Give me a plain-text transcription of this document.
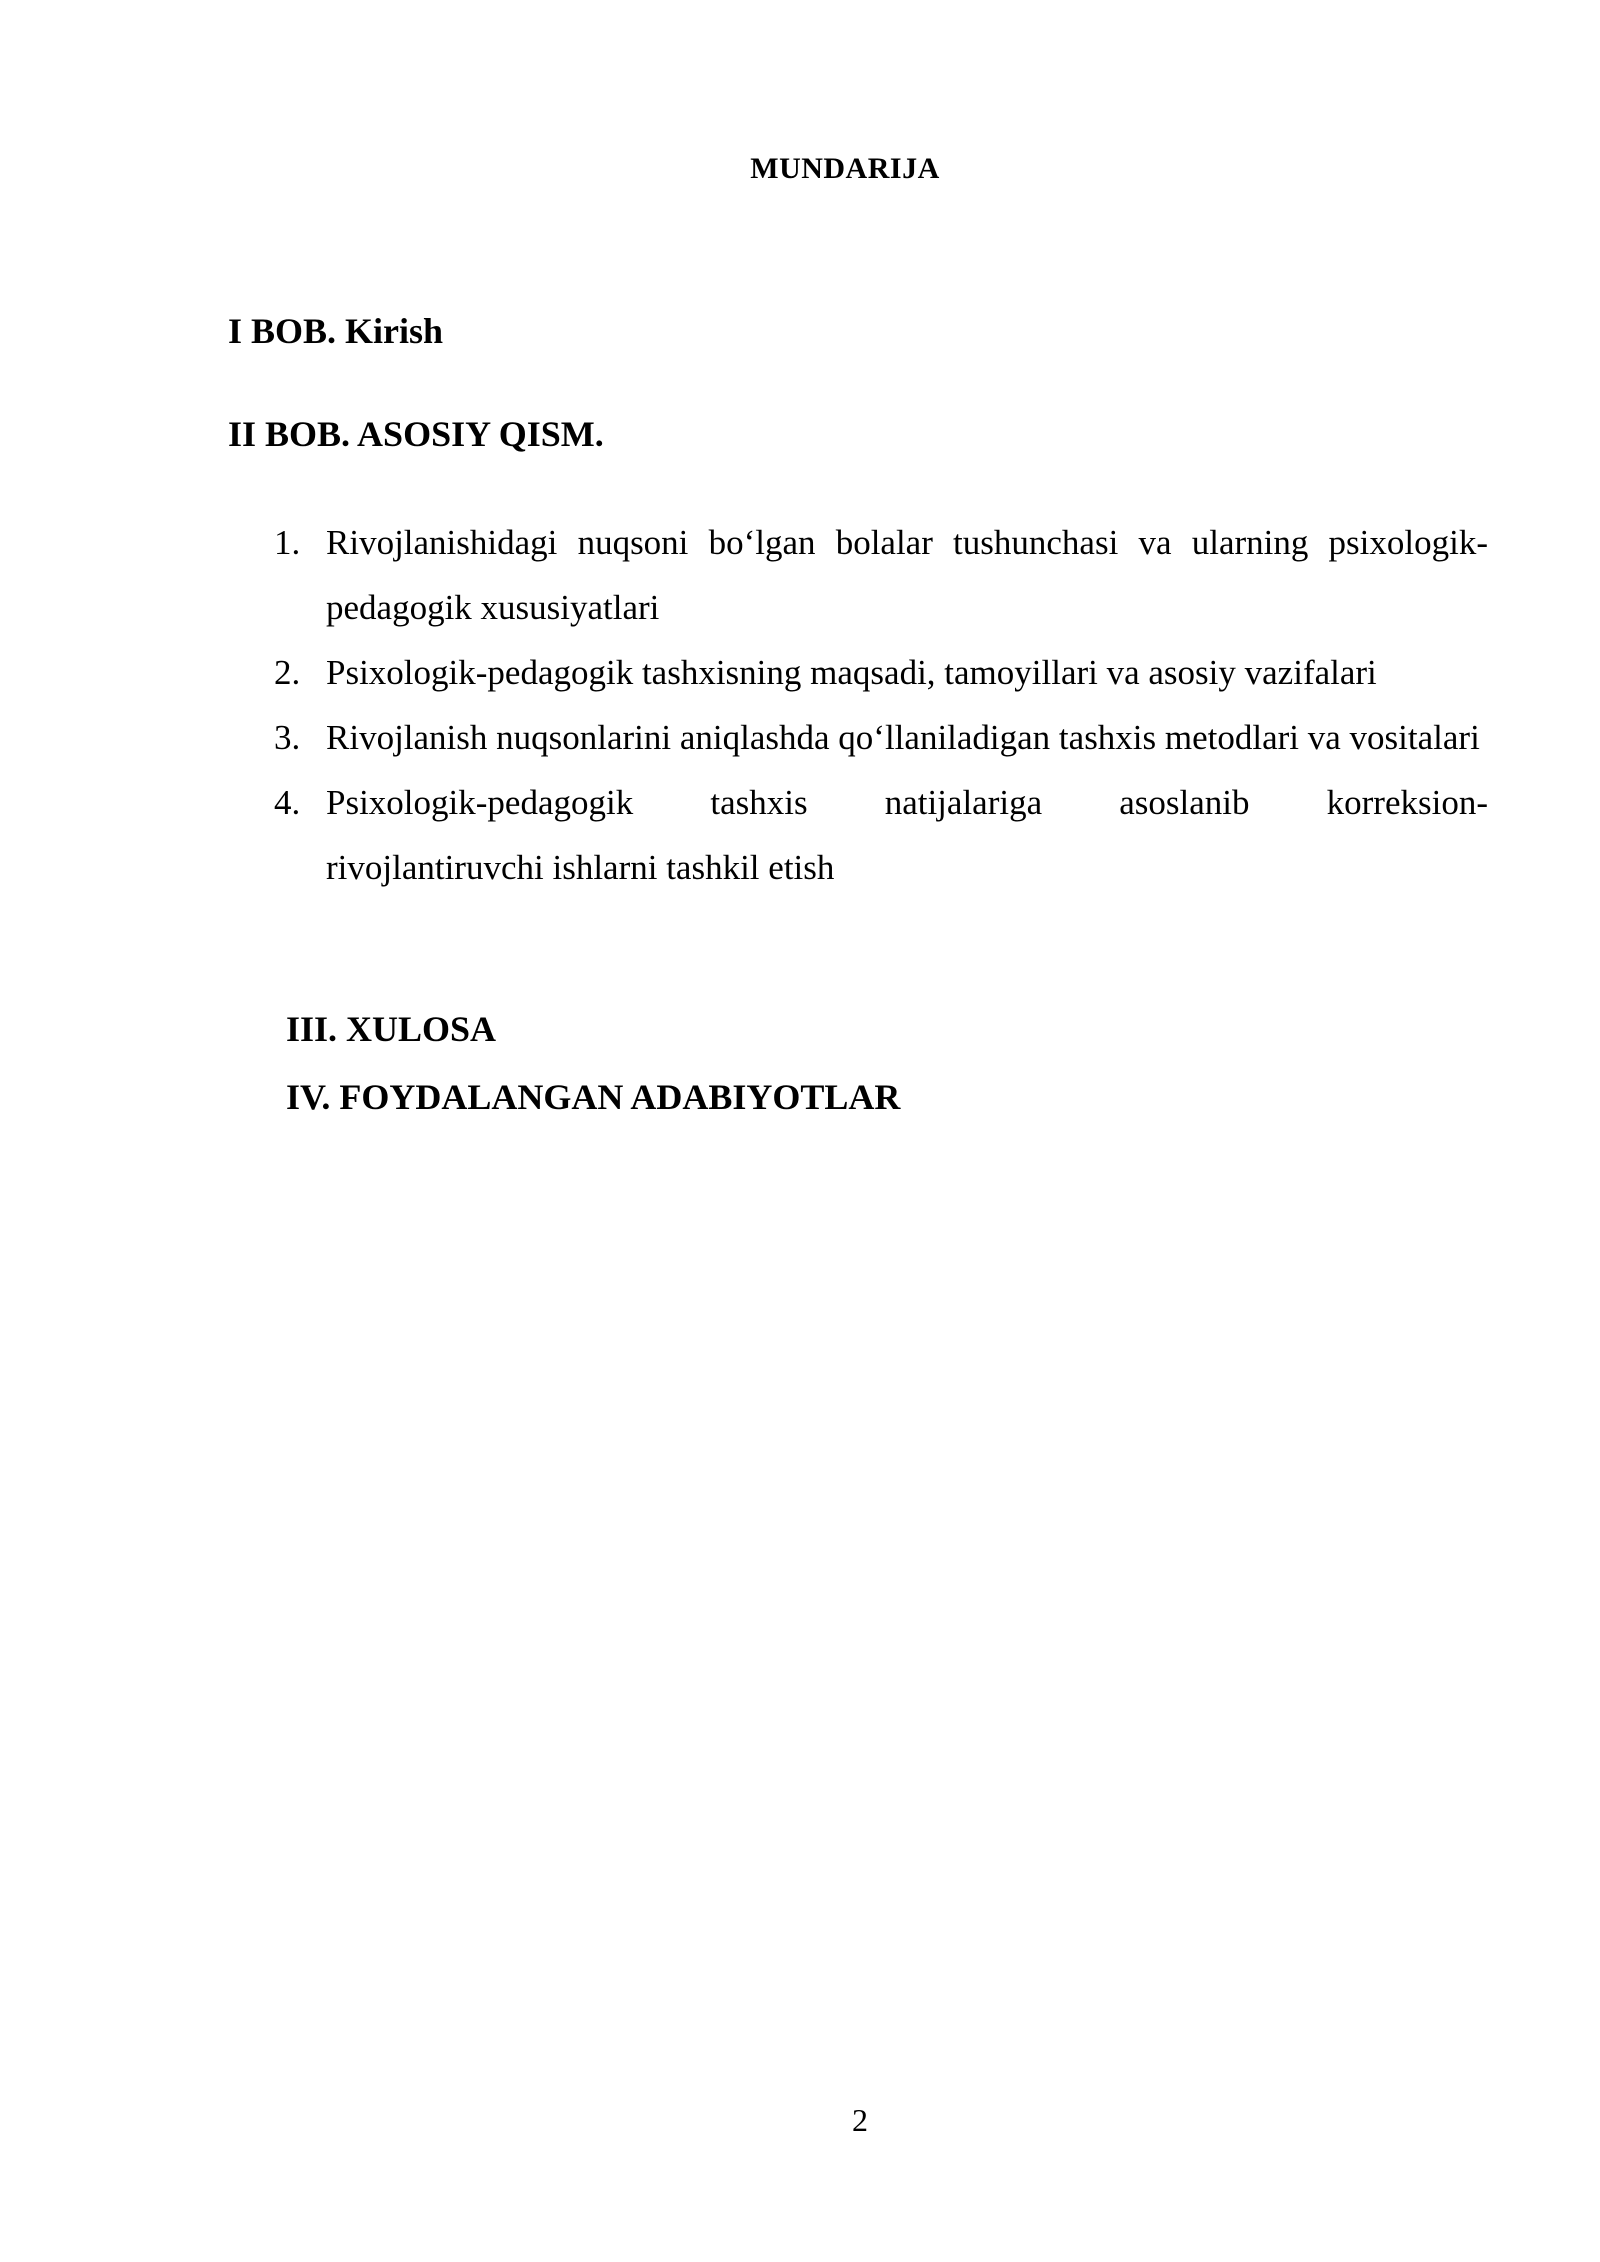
MUNDARIJA
I BOB. Kirish
II BOB. ASOSIY QISM.
1. Rivojlanishidagi nuqsoni bo‘lgan bolalar tushunchasi va ularning psixologik-pedagogik xususiyatlari
2. Psixologik-pedagogik tashxisning maqsadi, tamoyillari va asosiy vazifalari
3. Rivojlanish nuqsonlarini aniqlashda qo‘llaniladigan tashxis metodlari va vositalari
4. Psixologik-pedagogik tashxis natijalariga asoslanib korreksion-
rivojlantiruvchi ishlarni tashkil etish
III. XULOSA
IV. FOYDALANGAN ADABIYOTLAR
2
